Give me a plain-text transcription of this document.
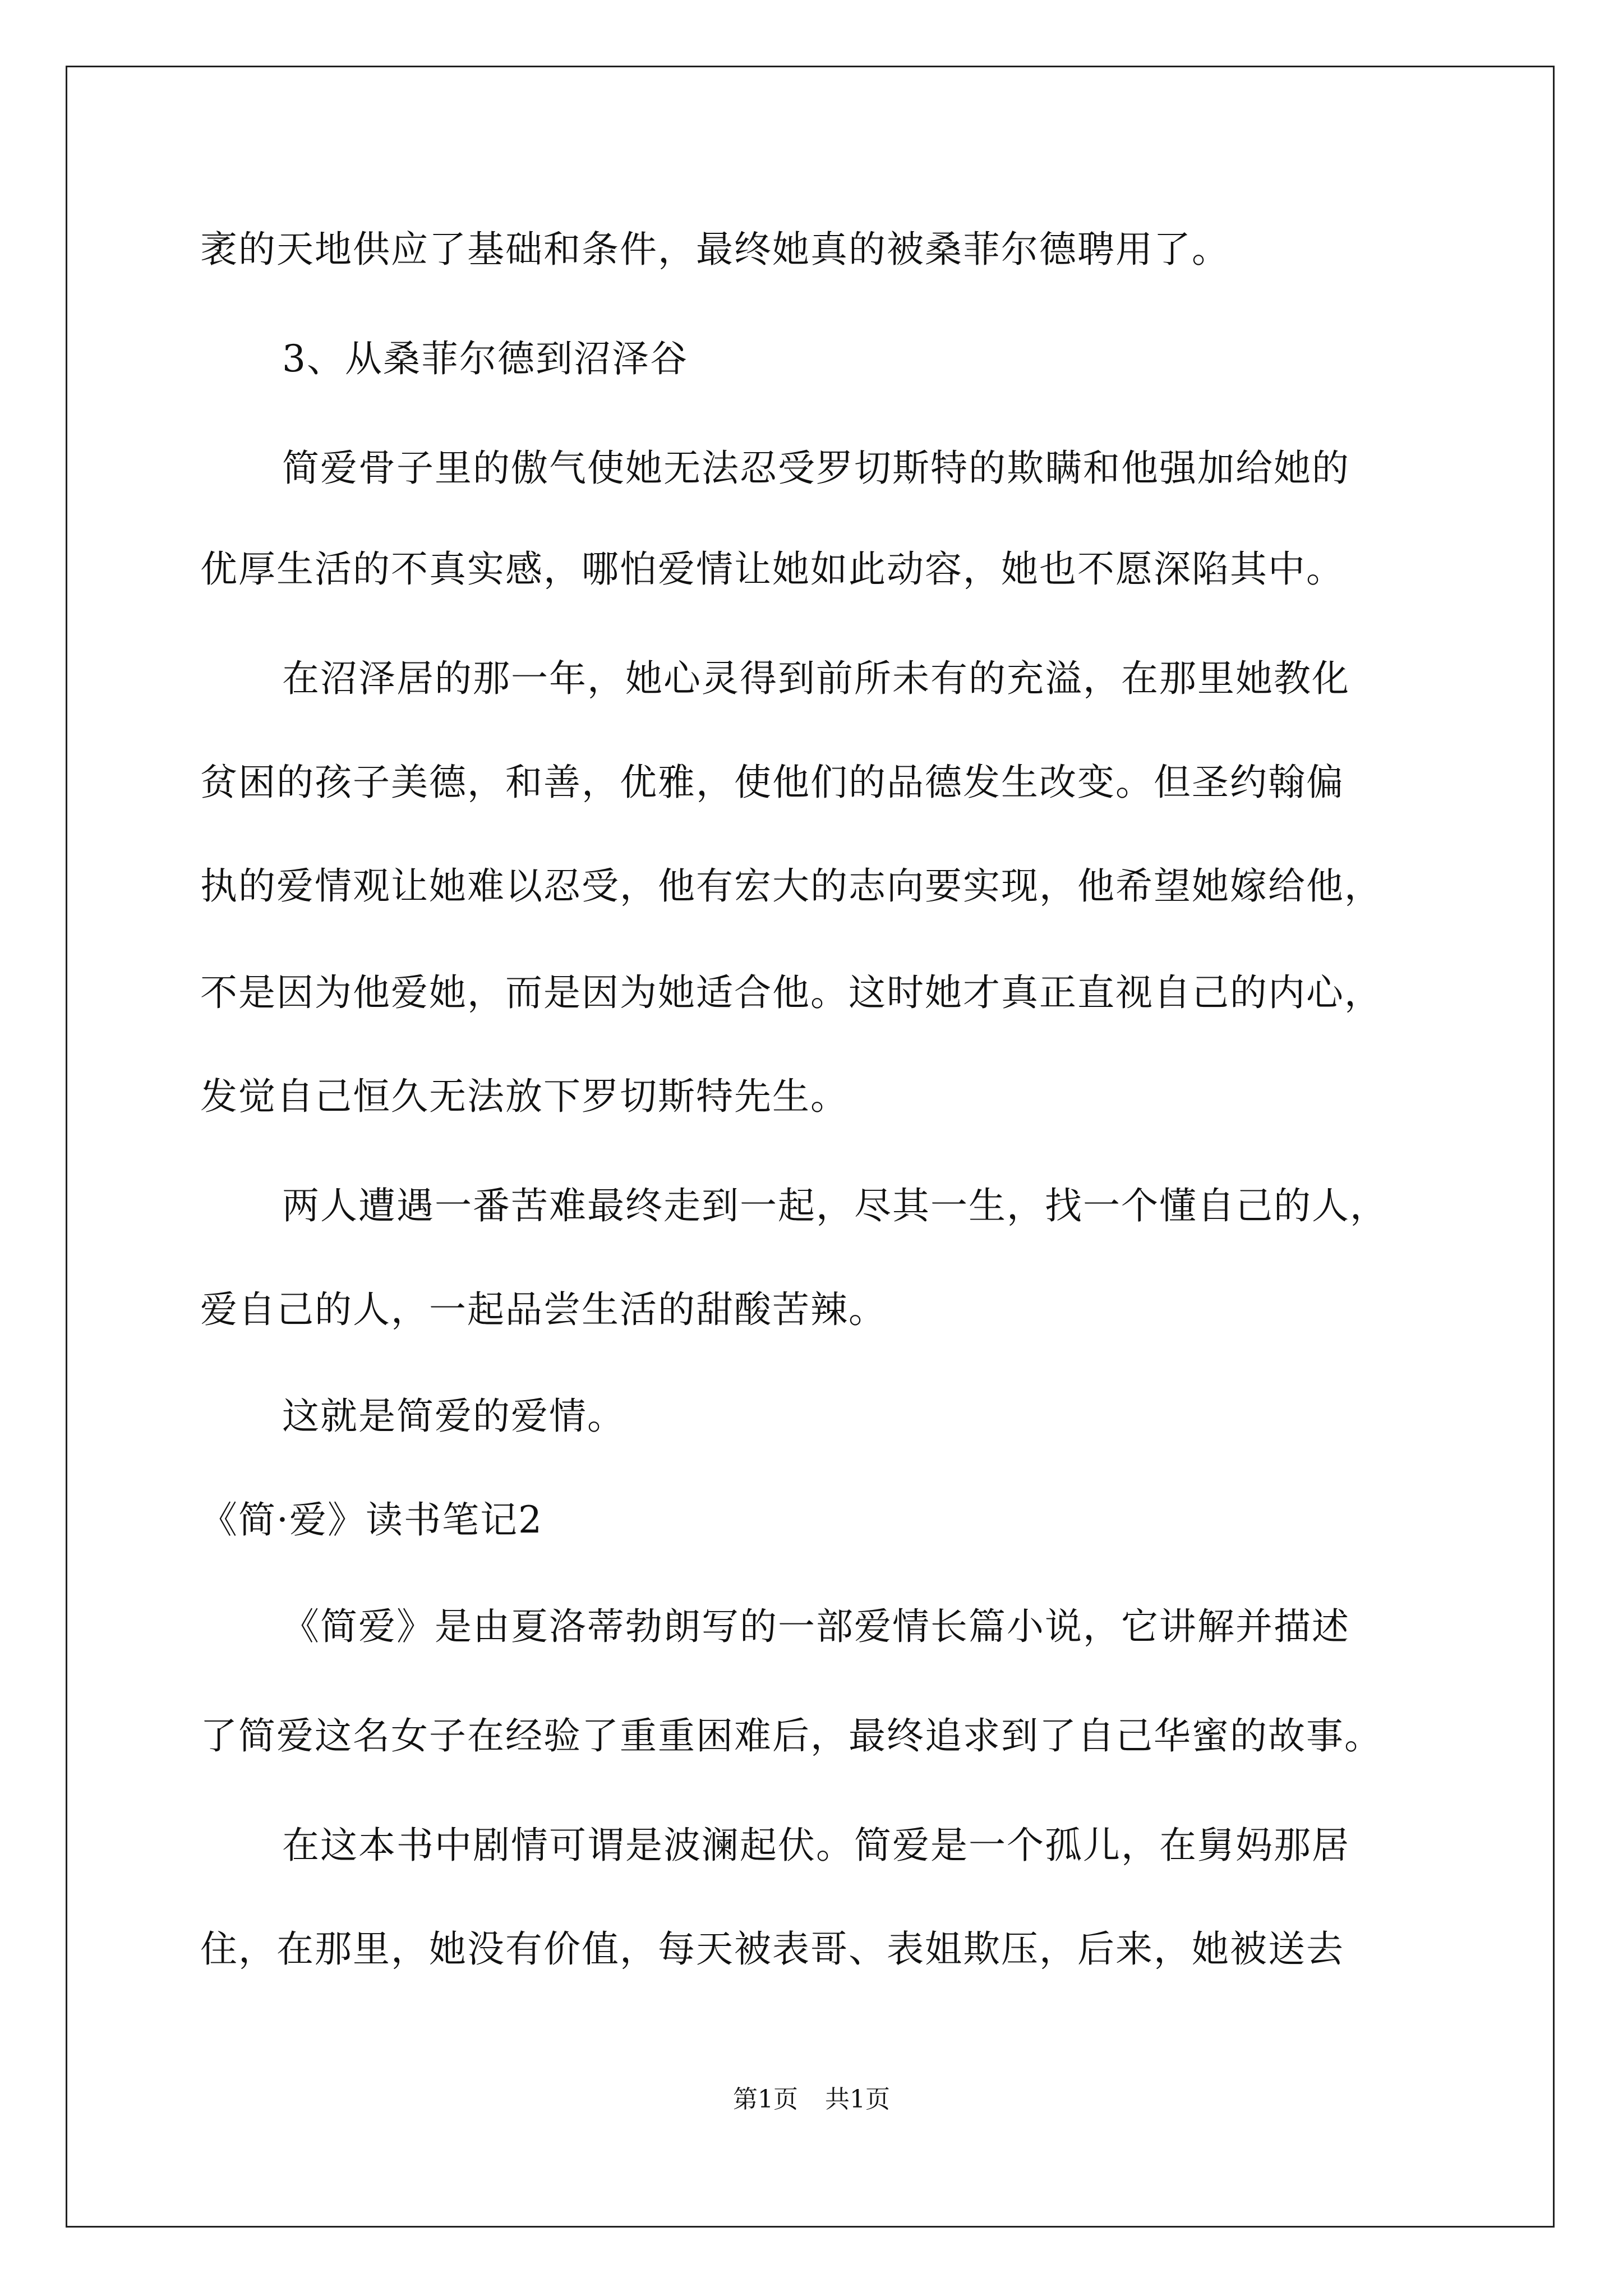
袤的天地供应了基础和条件，最终她真的被桑菲尔德聘用了。
3、从桑菲尔德到沼泽谷
简爱骨子里的傲气使她无法忍受罗切斯特的欺瞒和他强加给她的
优厚生活的不真实感，哪怕爱情让她如此动容，她也不愿深陷其中。
在沼泽居的那一年，她心灵得到前所未有的充溢，在那里她教化
贫困的孩子美德，和善，优雅，使他们的品德发生改变。但圣约翰偏
执的爱情观让她难以忍受，他有宏大的志向要实现，他希望她嫁给他，
不是因为他爱她，而是因为她适合他。这时她才真正直视自己的内心，
发觉自己恒久无法放下罗切斯特先生。
两人遭遇一番苦难最终走到一起，尽其一生，找一个懂自己的人，
爱自己的人，一起品尝生活的甜酸苦辣。
这就是简爱的爱情。
《简·爱》读书笔记2
《简爱》是由夏洛蒂勃朗写的一部爱情长篇小说，它讲解并描述
了简爱这名女子在经验了重重困难后，最终追求到了自己华蜜的故事。
在这本书中剧情可谓是波澜起伏。简爱是一个孤儿，在舅妈那居
住，在那里，她没有价值，每天被表哥、表姐欺压，后来，她被送去
第1页 共1页
